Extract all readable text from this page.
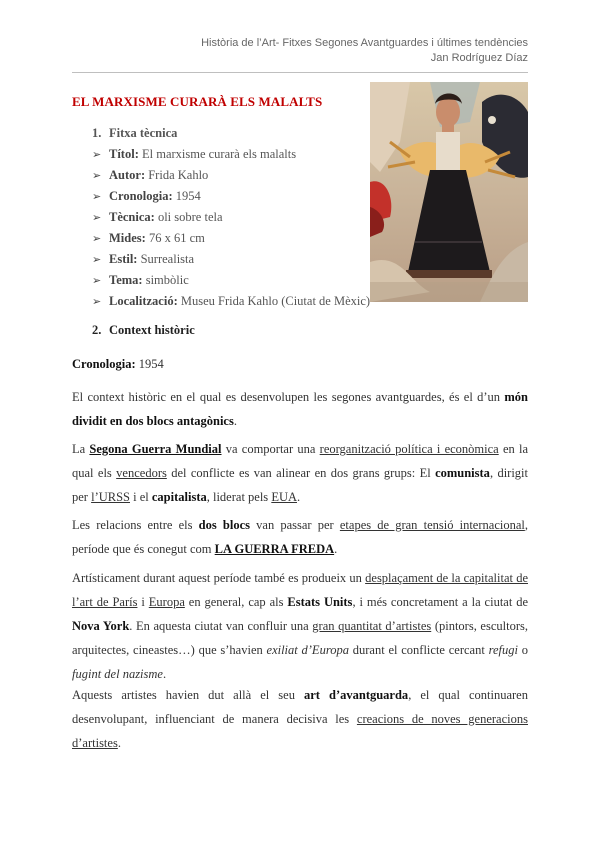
Història de l’Art- Fitxes Segones Avantguardes i últimes tendències
Jan Rodríguez Díaz
EL MARXISME CURARÀ ELS MALALTS
1. Fitxa tècnica
➢ Títol: El marxisme curarà els malalts
➢ Autor: Frida Kahlo
➢ Cronologia: 1954
➢ Tècnica: oli sobre tela
➢ Mides: 76 x 61 cm
➢ Estil: Surrealista
➢ Tema: simbòlic
➢ Localització: Museu Frida Kahlo (Ciutat de Mèxic)
2. Context històric
Cronologia: 1954
El context històric en el qual es desenvolupen les segones avantguardes, és el d’un món dividit en dos blocs antagònics.
La Segona Guerra Mundial va comportar una reorganització política i econòmica en la qual els vencedors del conflicte es van alinear en dos grans grups: El comunista, dirigit per l’URSS i el capitalista, liderat pels EUA.
Les relacions entre els dos blocs van passar per etapes de gran tensió internacional, període que és conegut com LA GUERRA FREDA.
Artísticament durant aquest període també es produeix un desplaçament de la capitalitat de l’art de París i Europa en general, cap als Estats Units, i més concretament a la ciutat de Nova York. En aquesta ciutat van confluir una gran quantitat d’artistes (pintors, escultors, arquitectes, cineastes…) que s’havien exiliat d’Europa durant el conflicte cercant refugi o fugint del nazisme.
Aquests artistes havien dut allà el seu art d’avantguarda, el qual continuaren desenvolupant, influenciant de manera decisiva les creacions de noves generacions d’artistes.
